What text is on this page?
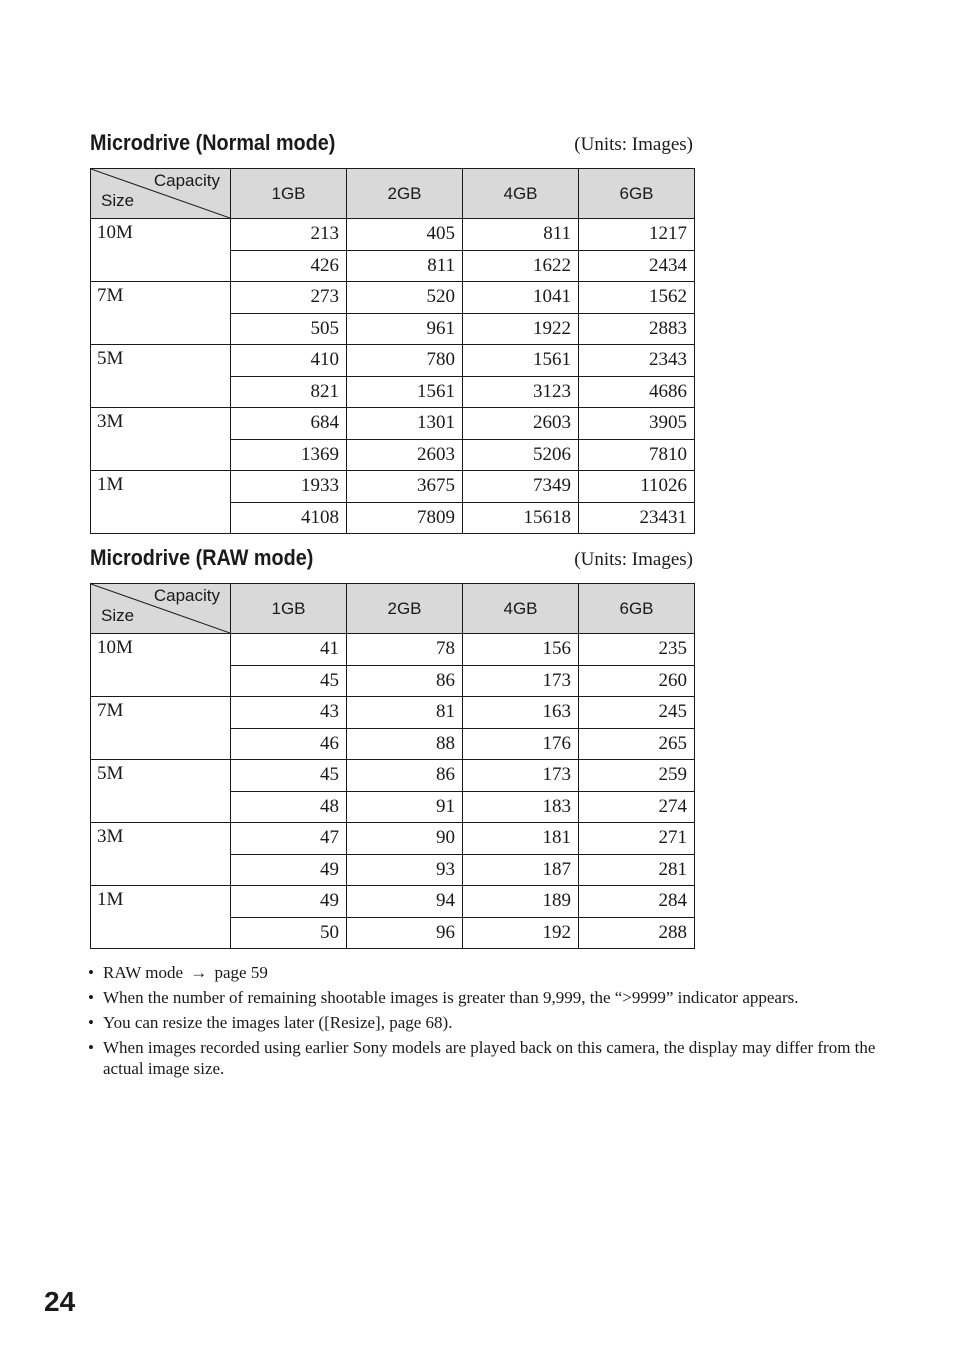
Microdrive (Normal mode)	(Units: Images)
Capacity
Size	1GB	2GB	4GB	6GB
10M	213	405	811	1217
	426	811	1622	2434
7M	273	520	1041	1562
	505	961	1922	2883
5M	410	780	1561	2343
	821	1561	3123	4686
3M	684	1301	2603	3905
	1369	2603	5206	7810
1M	1933	3675	7349	11026
	4108	7809	15618	23431
Microdrive (RAW mode)	(Units: Images)
Capacity
Size	1GB	2GB	4GB	6GB
10M	41	78	156	235
	45	86	173	260
7M	43	81	163	245
	46	88	176	265
5M	45	86	173	259
	48	91	183	274
3M	47	90	181	271
	49	93	187	281
1M	49	94	189	284
	50	96	192	288
• RAW mode → page 59
• When the number of remaining shootable images is greater than 9,999, the “>9999” indicator appears.
• You can resize the images later ([Resize], page 68).
• When images recorded using earlier Sony models are played back on this camera, the display may differ from the actual image size.
24
